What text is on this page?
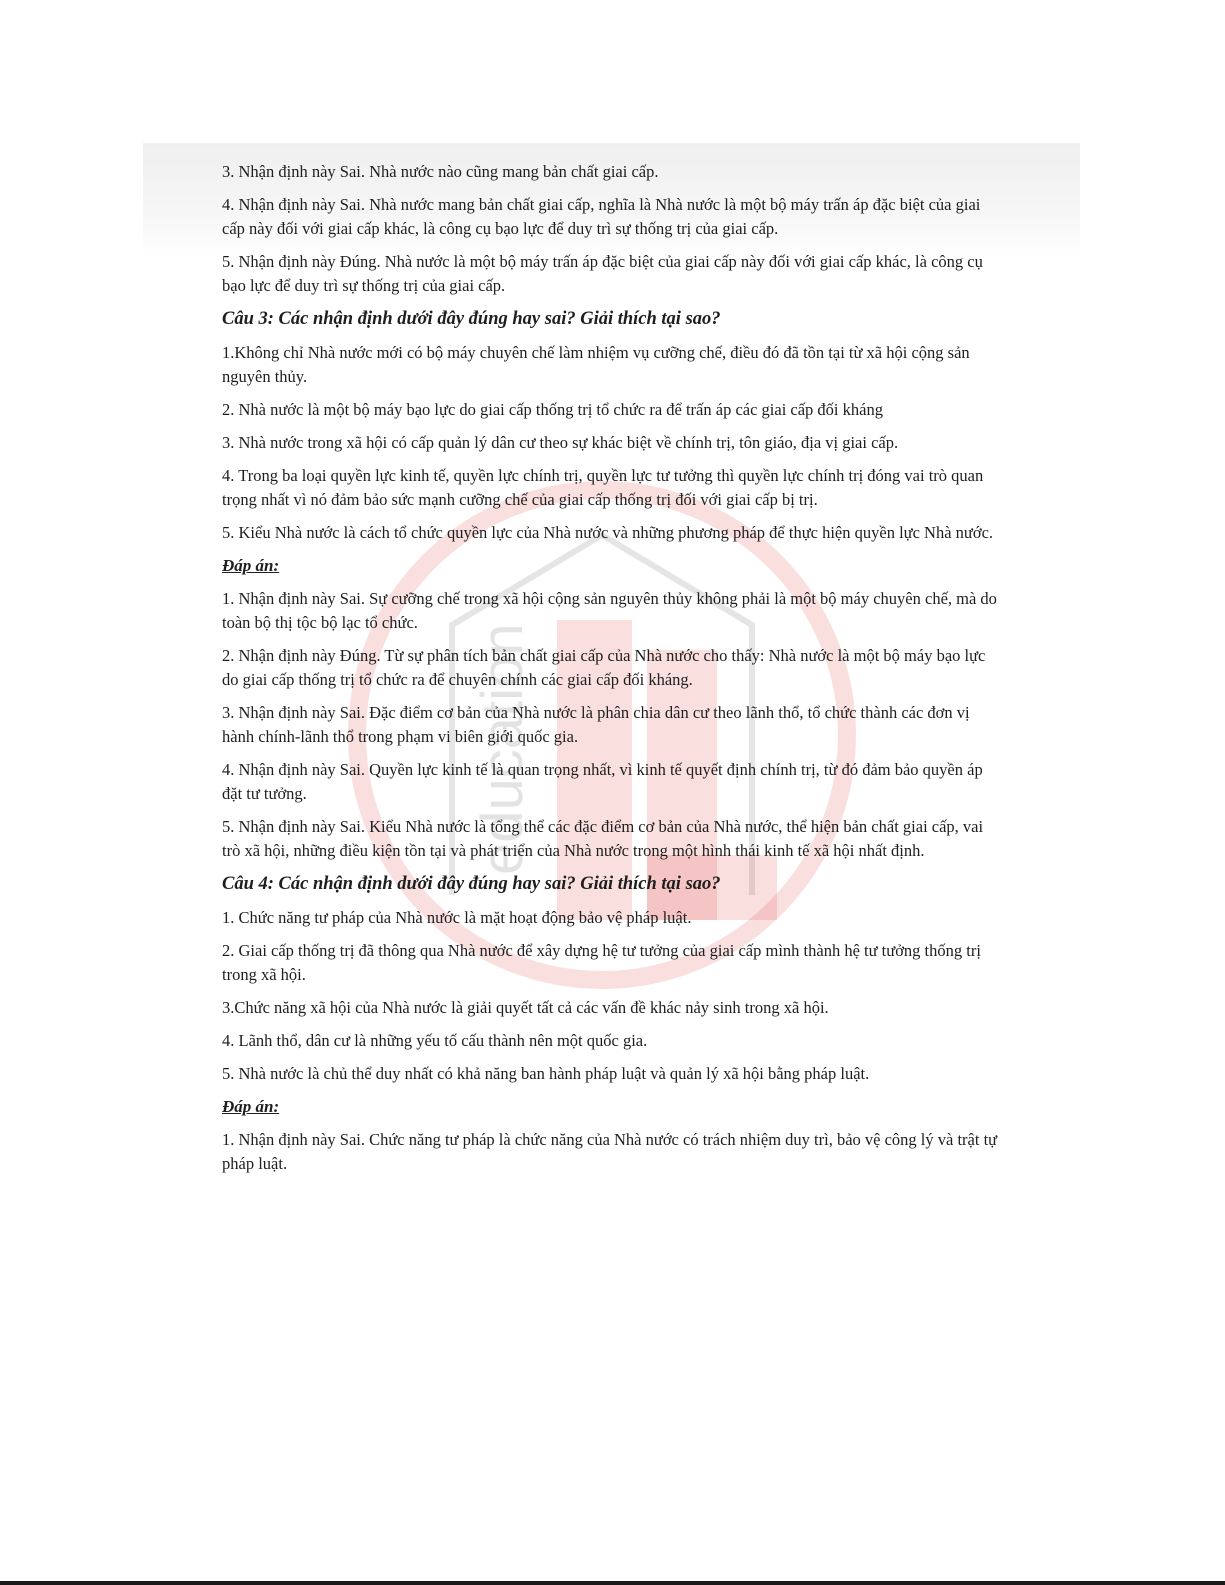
education

3. Nhận định này Sai. Nhà nước nào cũng mang bản chất giai cấp.

4. Nhận định này Sai. Nhà nước mang bản chất giai cấp, nghĩa là Nhà nước là một bộ máy trấn áp đặc biệt của giai cấp này đối với giai cấp khác, là công cụ bạo lực để duy trì sự thống trị của giai cấp.

5. Nhận định này Đúng. Nhà nước là một bộ máy trấn áp đặc biệt của giai cấp này đối với giai cấp khác, là công cụ bạo lực để duy trì sự thống trị của giai cấp.

Câu 3: Các nhận định dưới đây đúng hay sai? Giải thích tại sao?

1.Không chỉ Nhà nước mới có bộ máy chuyên chế làm nhiệm vụ cưỡng chế, điều đó đã tồn tại từ xã hội cộng sản nguyên thủy.

2. Nhà nước là một bộ máy bạo lực do giai cấp thống trị tổ chức ra để trấn áp các giai cấp đối kháng

3. Nhà nước trong xã hội có cấp quản lý dân cư theo sự khác biệt về chính trị, tôn giáo, địa vị giai cấp.

4. Trong ba loại quyền lực kinh tế, quyền lực chính trị, quyền lực tư tưởng thì quyền lực chính trị đóng vai trò quan trọng nhất vì nó đảm bảo sức mạnh cưỡng chế của giai cấp thống trị đối với giai cấp bị trị.

5. Kiểu Nhà nước là cách tổ chức quyền lực của Nhà nước và những phương pháp để thực hiện quyền lực Nhà nước.

Đáp án:

1. Nhận định này Sai. Sự cưỡng chế trong xã hội cộng sản nguyên thủy không phải là một bộ máy chuyên chế, mà do toàn bộ thị tộc bộ lạc tổ chức.

2. Nhận định này Đúng. Từ sự phân tích bản chất giai cấp của Nhà nước cho thấy: Nhà nước là một bộ máy bạo lực do giai cấp thống trị tổ chức ra để chuyên chính các giai cấp đối kháng.

3. Nhận định này Sai. Đặc điểm cơ bản của Nhà nước là phân chia dân cư theo lãnh thổ, tổ chức thành các đơn vị hành chính-lãnh thổ trong phạm vi biên giới quốc gia.

4. Nhận định này Sai. Quyền lực kinh tế là quan trọng nhất, vì kinh tế quyết định chính trị, từ đó đảm bảo quyền áp đặt tư tưởng.

5. Nhận định này Sai. Kiểu Nhà nước là tổng thể các đặc điểm cơ bản của Nhà nước, thể hiện bản chất giai cấp, vai trò xã hội, những điều kiện tồn tại và phát triển của Nhà nước trong một hình thái kinh tế xã hội nhất định.

Câu 4: Các nhận định dưới đây đúng hay sai? Giải thích tại sao?

1. Chức năng tư pháp của Nhà nước là mặt hoạt động bảo vệ pháp luật.

2. Giai cấp thống trị đã thông qua Nhà nước để xây dựng hệ tư tưởng của giai cấp mình thành hệ tư tưởng thống trị trong xã hội.

3.Chức năng xã hội của Nhà nước là giải quyết tất cả các vấn đề khác nảy sinh trong xã hội.

4. Lãnh thổ, dân cư là những yếu tố cấu thành nên một quốc gia.

5. Nhà nước là chủ thể duy nhất có khả năng ban hành pháp luật và quản lý xã hội bằng pháp luật.

Đáp án:

1. Nhận định này Sai. Chức năng tư pháp là chức năng của Nhà nước có trách nhiệm duy trì, bảo vệ công lý và trật tự pháp luật.
